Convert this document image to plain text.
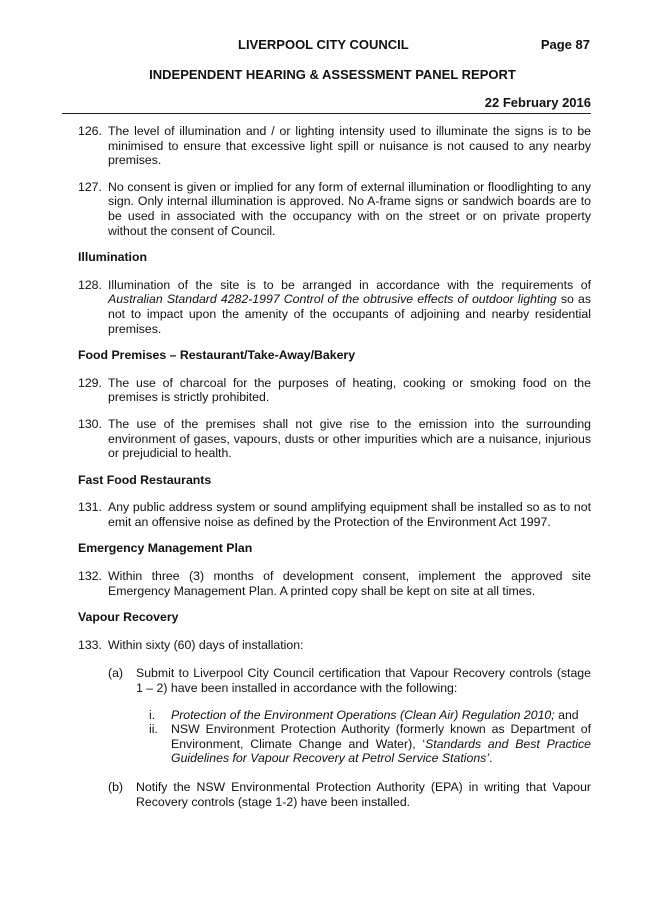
LIVERPOOL CITY COUNCIL	Page 87
INDEPENDENT HEARING & ASSESSMENT PANEL REPORT
22 February 2016
126. The level of illumination and / or lighting intensity used to illuminate the signs is to be minimised to ensure that excessive light spill or nuisance is not caused to any nearby premises.
127. No consent is given or implied for any form of external illumination or floodlighting to any sign. Only internal illumination is approved. No A-frame signs or sandwich boards are to be used in associated with the occupancy with on the street or on private property without the consent of Council.
Illumination
128. Illumination of the site is to be arranged in accordance with the requirements of Australian Standard 4282-1997 Control of the obtrusive effects of outdoor lighting so as not to impact upon the amenity of the occupants of adjoining and nearby residential premises.
Food Premises – Restaurant/Take-Away/Bakery
129. The use of charcoal for the purposes of heating, cooking or smoking food on the premises is strictly prohibited.
130. The use of the premises shall not give rise to the emission into the surrounding environment of gases, vapours, dusts or other impurities which are a nuisance, injurious or prejudicial to health.
Fast Food Restaurants
131. Any public address system or sound amplifying equipment shall be installed so as to not emit an offensive noise as defined by the Protection of the Environment Act 1997.
Emergency Management Plan
132. Within three (3) months of development consent, implement the approved site Emergency Management Plan. A printed copy shall be kept on site at all times.
Vapour Recovery
133. Within sixty (60) days of installation:
(a)	Submit to Liverpool City Council certification that Vapour Recovery controls (stage 1 – 2) have been installed in accordance with the following:
i.	Protection of the Environment Operations (Clean Air) Regulation 2010; and
ii.	NSW Environment Protection Authority (formerly known as Department of Environment, Climate Change and Water), ‘Standards and Best Practice Guidelines for Vapour Recovery at Petrol Service Stations’.
(b)	Notify the NSW Environmental Protection Authority (EPA) in writing that Vapour Recovery controls (stage 1-2) have been installed.
